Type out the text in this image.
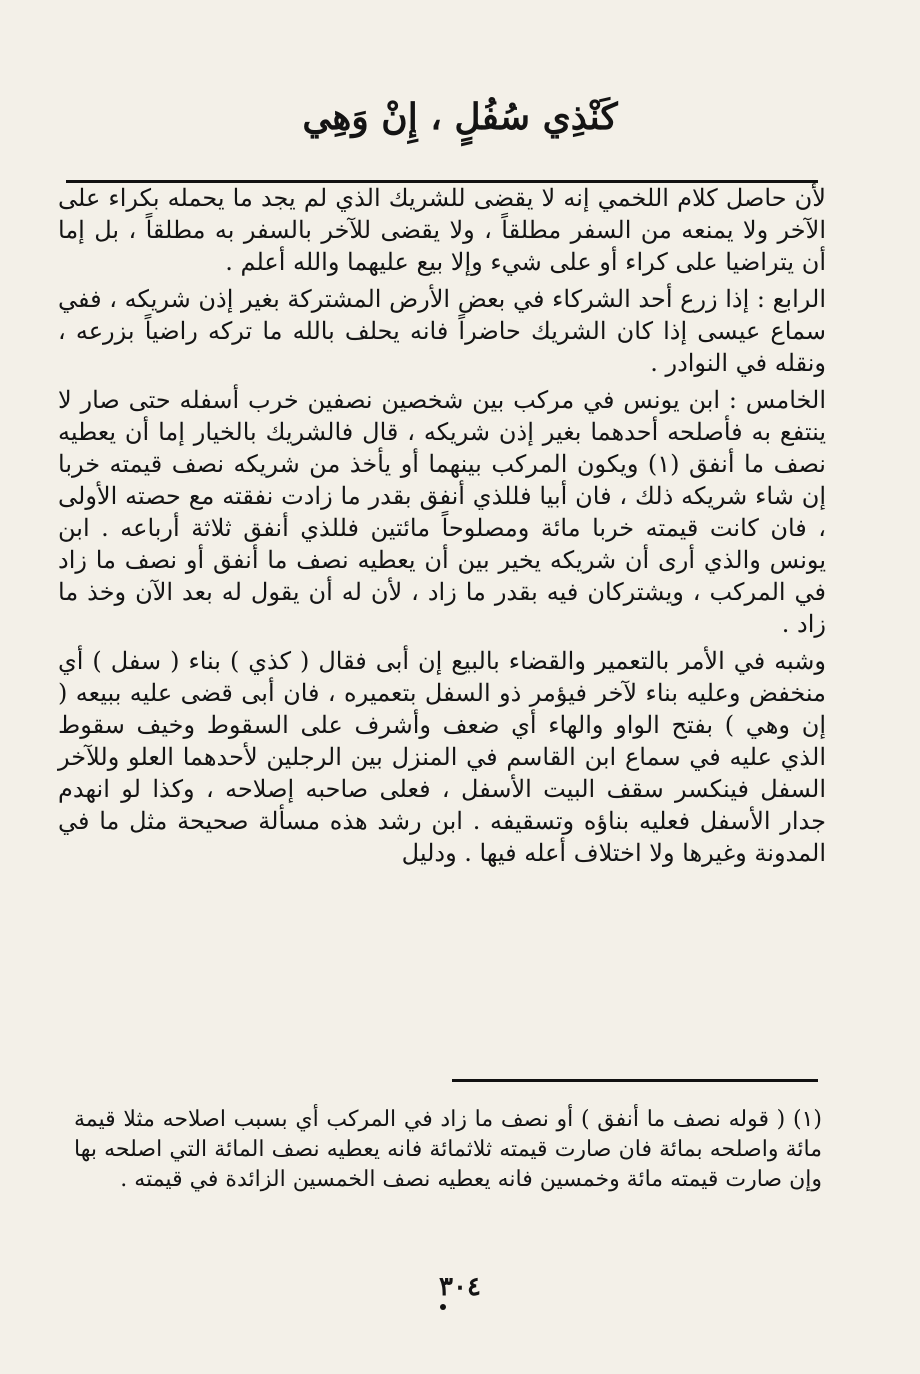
كَنْذِي سُفُلٍ ، إِنْ وَهِي

لأن حاصل كلام اللخمي إنه لا يقضى للشريك الذي لم يجد ما يحمله بكراء على الآخر ولا يمنعه من السفر مطلقاً ، ولا يقضى للآخر بالسفر به مطلقاً ، بل إما أن يتراضيا على كراء أو على شيء وإلا بيع عليهما والله أعلم .

الرابع : إذا زرع أحد الشركاء في بعض الأرض المشتركة بغير إذن شريكه ، ففي سماع عيسى إذا كان الشريك حاضراً فانه يحلف بالله ما تركه راضياً بزرعه ، ونقله في النوادر .

الخامس : ابن يونس في مركب بين شخصين نصفين خرب أسفله حتى صار لا ينتفع به فأصلحه أحدهما بغير إذن شريكه ، قال فالشريك بالخيار إما أن يعطيه نصف ما أنفق (١) ويكون المركب بينهما أو يأخذ من شريكه نصف قيمته خربا إن شاء شريكه ذلك ، فان أبيا فللذي أنفق بقدر ما زادت نفقته مع حصته الأولى ، فان كانت قيمته خربا مائة ومصلوحاً مائتين فللذي أنفق ثلاثة أرباعه . ابن يونس والذي أرى أن شريكه يخير بين أن يعطيه نصف ما أنفق أو نصف ما زاد في المركب ، ويشتركان فيه بقدر ما زاد ، لأن له أن يقول له بعد الآن وخذ ما زاد .

وشبه في الأمر بالتعمير والقضاء بالبيع إن أبى فقال ( كذي ) بناء ( سفل ) أي منخفض وعليه بناء لآخر فيؤمر ذو السفل بتعميره ، فان أبى قضى عليه ببيعه ( إن وهي ) بفتح الواو والهاء أي ضعف وأشرف على السقوط وخيف سقوط الذي عليه في سماع ابن القاسم في المنزل بين الرجلين لأحدهما العلو وللآخر السفل فينكسر سقف البيت الأسفل ، فعلى صاحبه إصلاحه ، وكذا لو انهدم جدار الأسفل فعليه بناؤه وتسقيفه . ابن رشد هذه مسألة صحيحة مثل ما في المدونة وغيرها ولا اختلاف أعله فيها . ودليل

(١) ( قوله نصف ما أنفق ) أو نصف ما زاد في المركب أي بسبب اصلاحه مثلا قيمة مائة واصلحه بمائة فان صارت قيمته ثلاثمائة فانه يعطيه نصف المائة التي اصلحه بها وإن صارت قيمته مائة وخمسين فانه يعطيه نصف الخمسين الزائدة في قيمته .

٣٠٤
